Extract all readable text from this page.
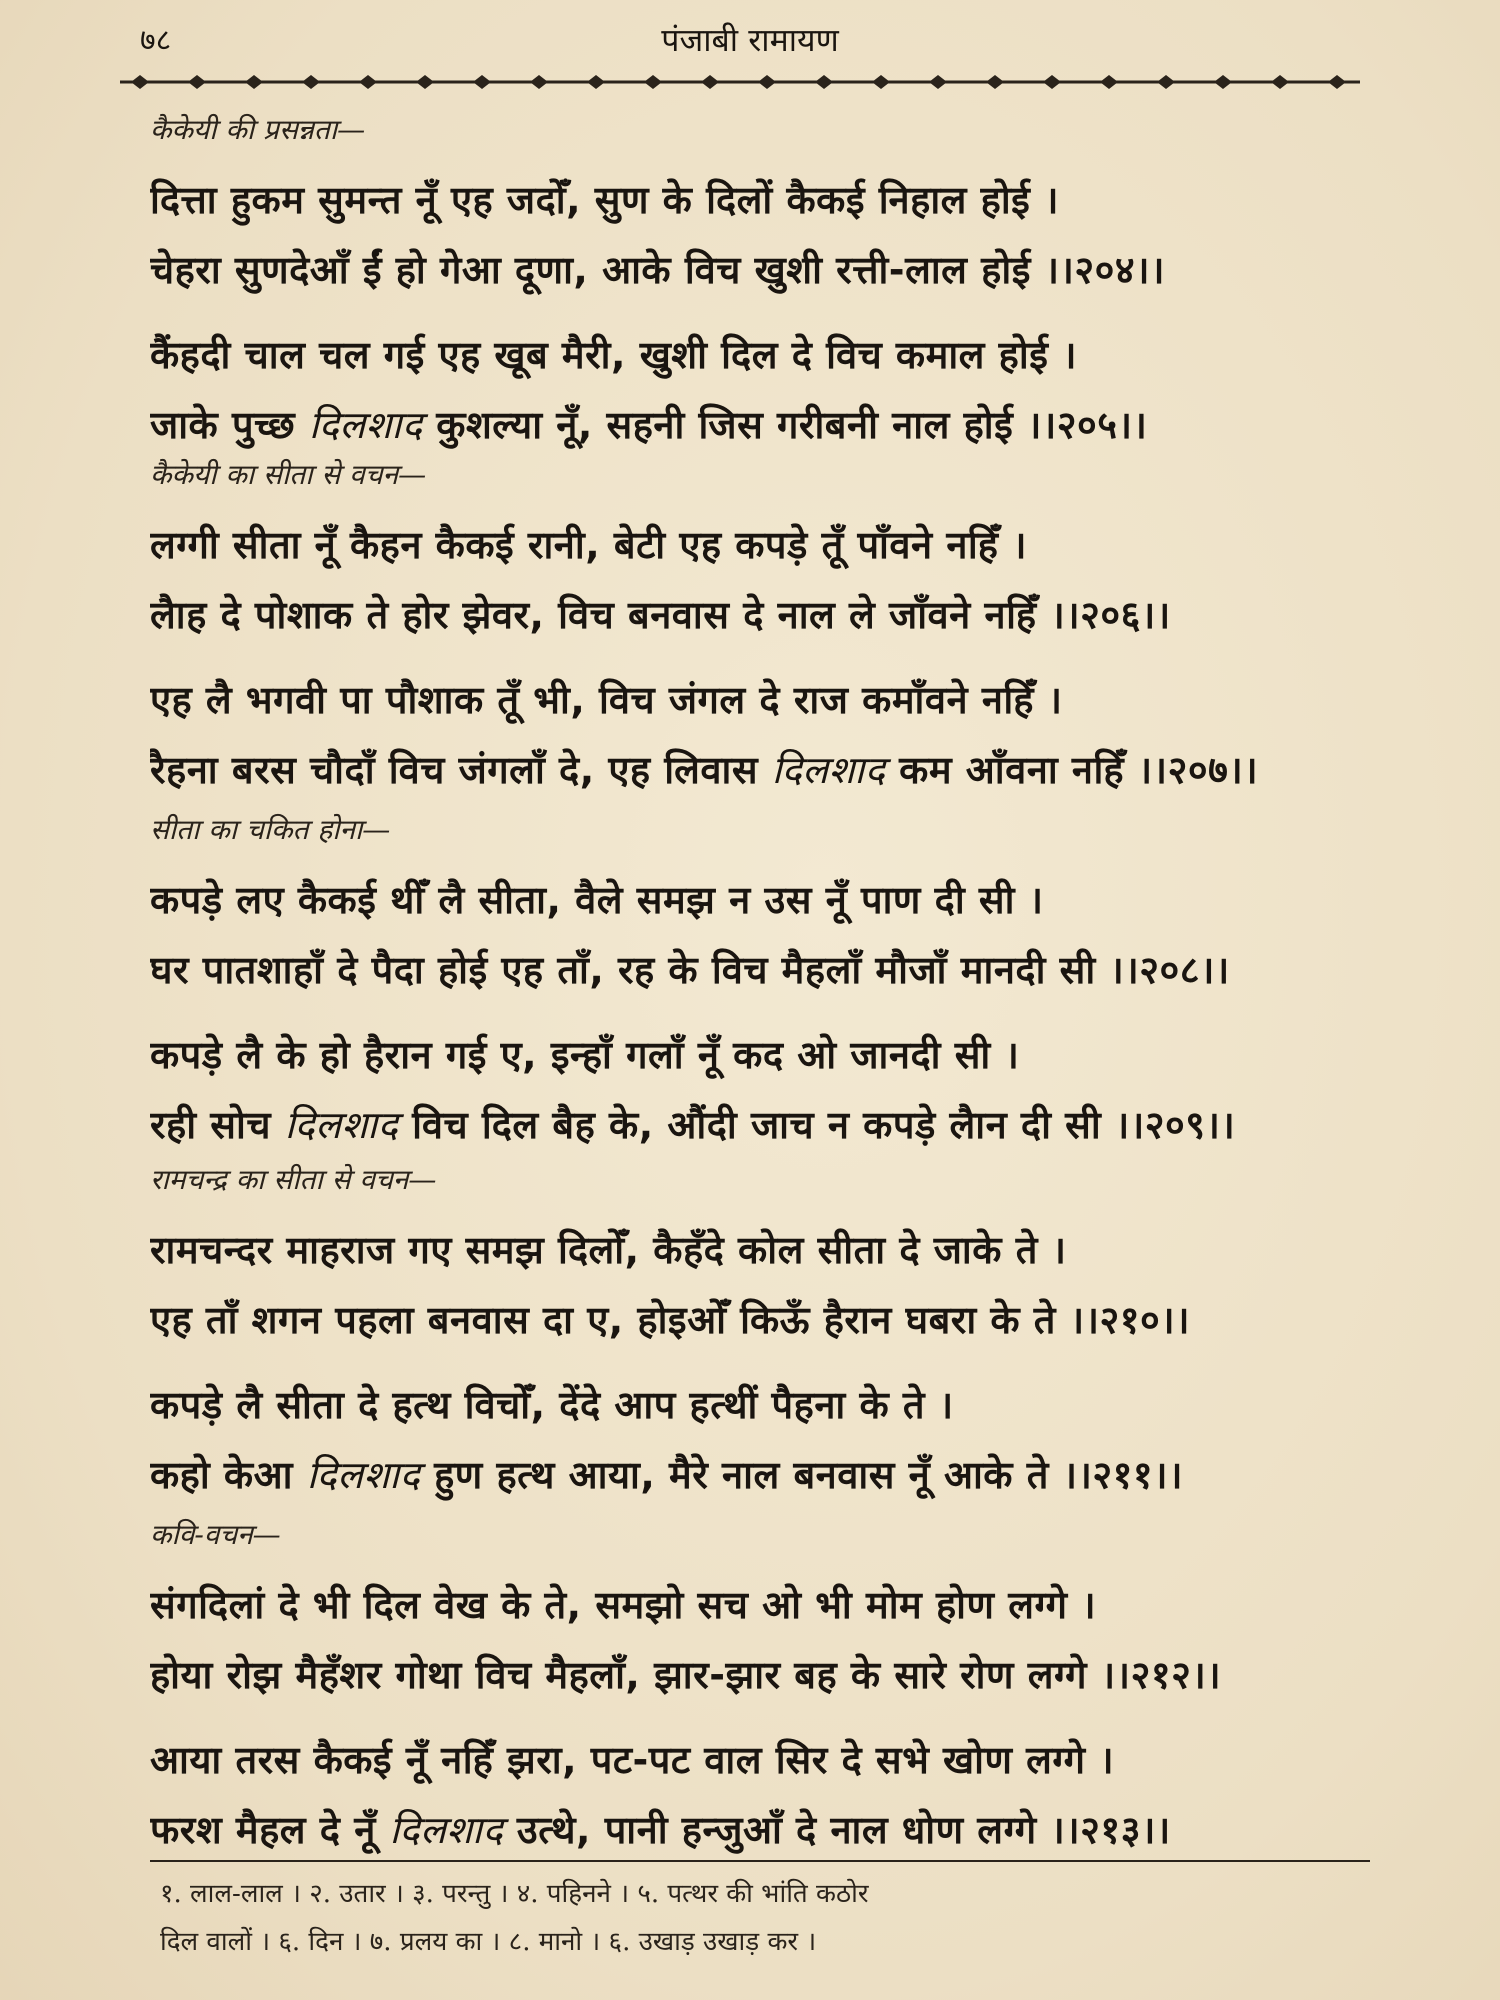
७८	पंजाबी रामायण
कैकेयी की प्रसन्नता—
दित्ता हुकम सुमन्त नूँ एह जदोँ, सुण के दिलों कैकई निहाल होई ।
चेहरा सुणदेआँ ईं हो गेआ दूणा, आके विच खुशी रत्ती-लाल होई ।।२०४।।
कैंहदी चाल चल गई एह खूब मैरी, खुशी दिल दे विच कमाल होई ।
जाके पुच्छ दिलशाद कुशल्या नूँ, सहनी जिस गरीबनी नाल होई ।।२०५।।
कैकेयी का सीता से वचन—
लग्गी सीता नूँ कैहन कैकई रानी, बेटी एह कपड़े तूँ पाँवने नहिँ ।
लैाह दे पोशाक ते होर झेवर, विच बनवास दे नाल ले जाँवने नहिँ ।।२०६।।
एह लै भगवी पा पौशाक तूँ भी, विच जंगल दे राज कमाँवने नहिँ ।
रैहना बरस चौदाँ विच जंगलाँ दे, एह लिवास दिलशाद कम आँवना नहिँ ।।२०७।।
सीता का चकित होना—
कपड़े लए कैकई थीँ लै सीता, वैले समझ न उस नूँ पाण दी सी ।
घर पातशाहाँ दे पैदा होई एह ताँ, रह के विच मैहलाँ मौजाँ मानदी सी ।।२०८।।
कपड़े लै के हो हैरान गई ए, इन्हाँ गलाँ नूँ कद ओ जानदी सी ।
रही सोच दिलशाद विच दिल बैह के, औंदी जाच न कपड़े लैान दी सी ।।२०९।।
रामचन्द्र का सीता से वचन—
रामचन्दर माहराज गए समझ दिलोँ, कैहँदे कोल सीता दे जाके ते ।
एह ताँ शगन पहला बनवास दा ए, होइओँ किऊँ हैरान घबरा के ते ।।२१०।।
कपड़े लै सीता दे हत्थ विचोँ, देंदे आप हत्थीं पैहना के ते ।
कहो केआ दिलशाद हुण हत्थ आया, मैरे नाल बनवास नूँ आके ते ।।२११।।
कवि-वचन—
संगदिलां दे भी दिल वेख के ते, समझो सच ओ भी मोम होण लग्गे ।
होया रोझ मैहँशर गोथा विच मैहलाँ, झार-झार बह के सारे रोण लग्गे ।।२१२।।
आया तरस कैकई नूँ नहिँ झरा, पट-पट वाल सिर दे सभे खोण लग्गे ।
फरश मैहल दे नूँ दिलशाद उत्थे, पानी हन्जुआँ दे नाल धोण लग्गे ।।२१३।।
१. लाल-लाल । २. उतार । ३. परन्तु । ४. पहिनने । ५. पत्थर की भांति कठोर
दिल वालों । ६. दिन । ७. प्रलय का । ८. मानो । ६. उखाड़ उखाड़ कर ।
